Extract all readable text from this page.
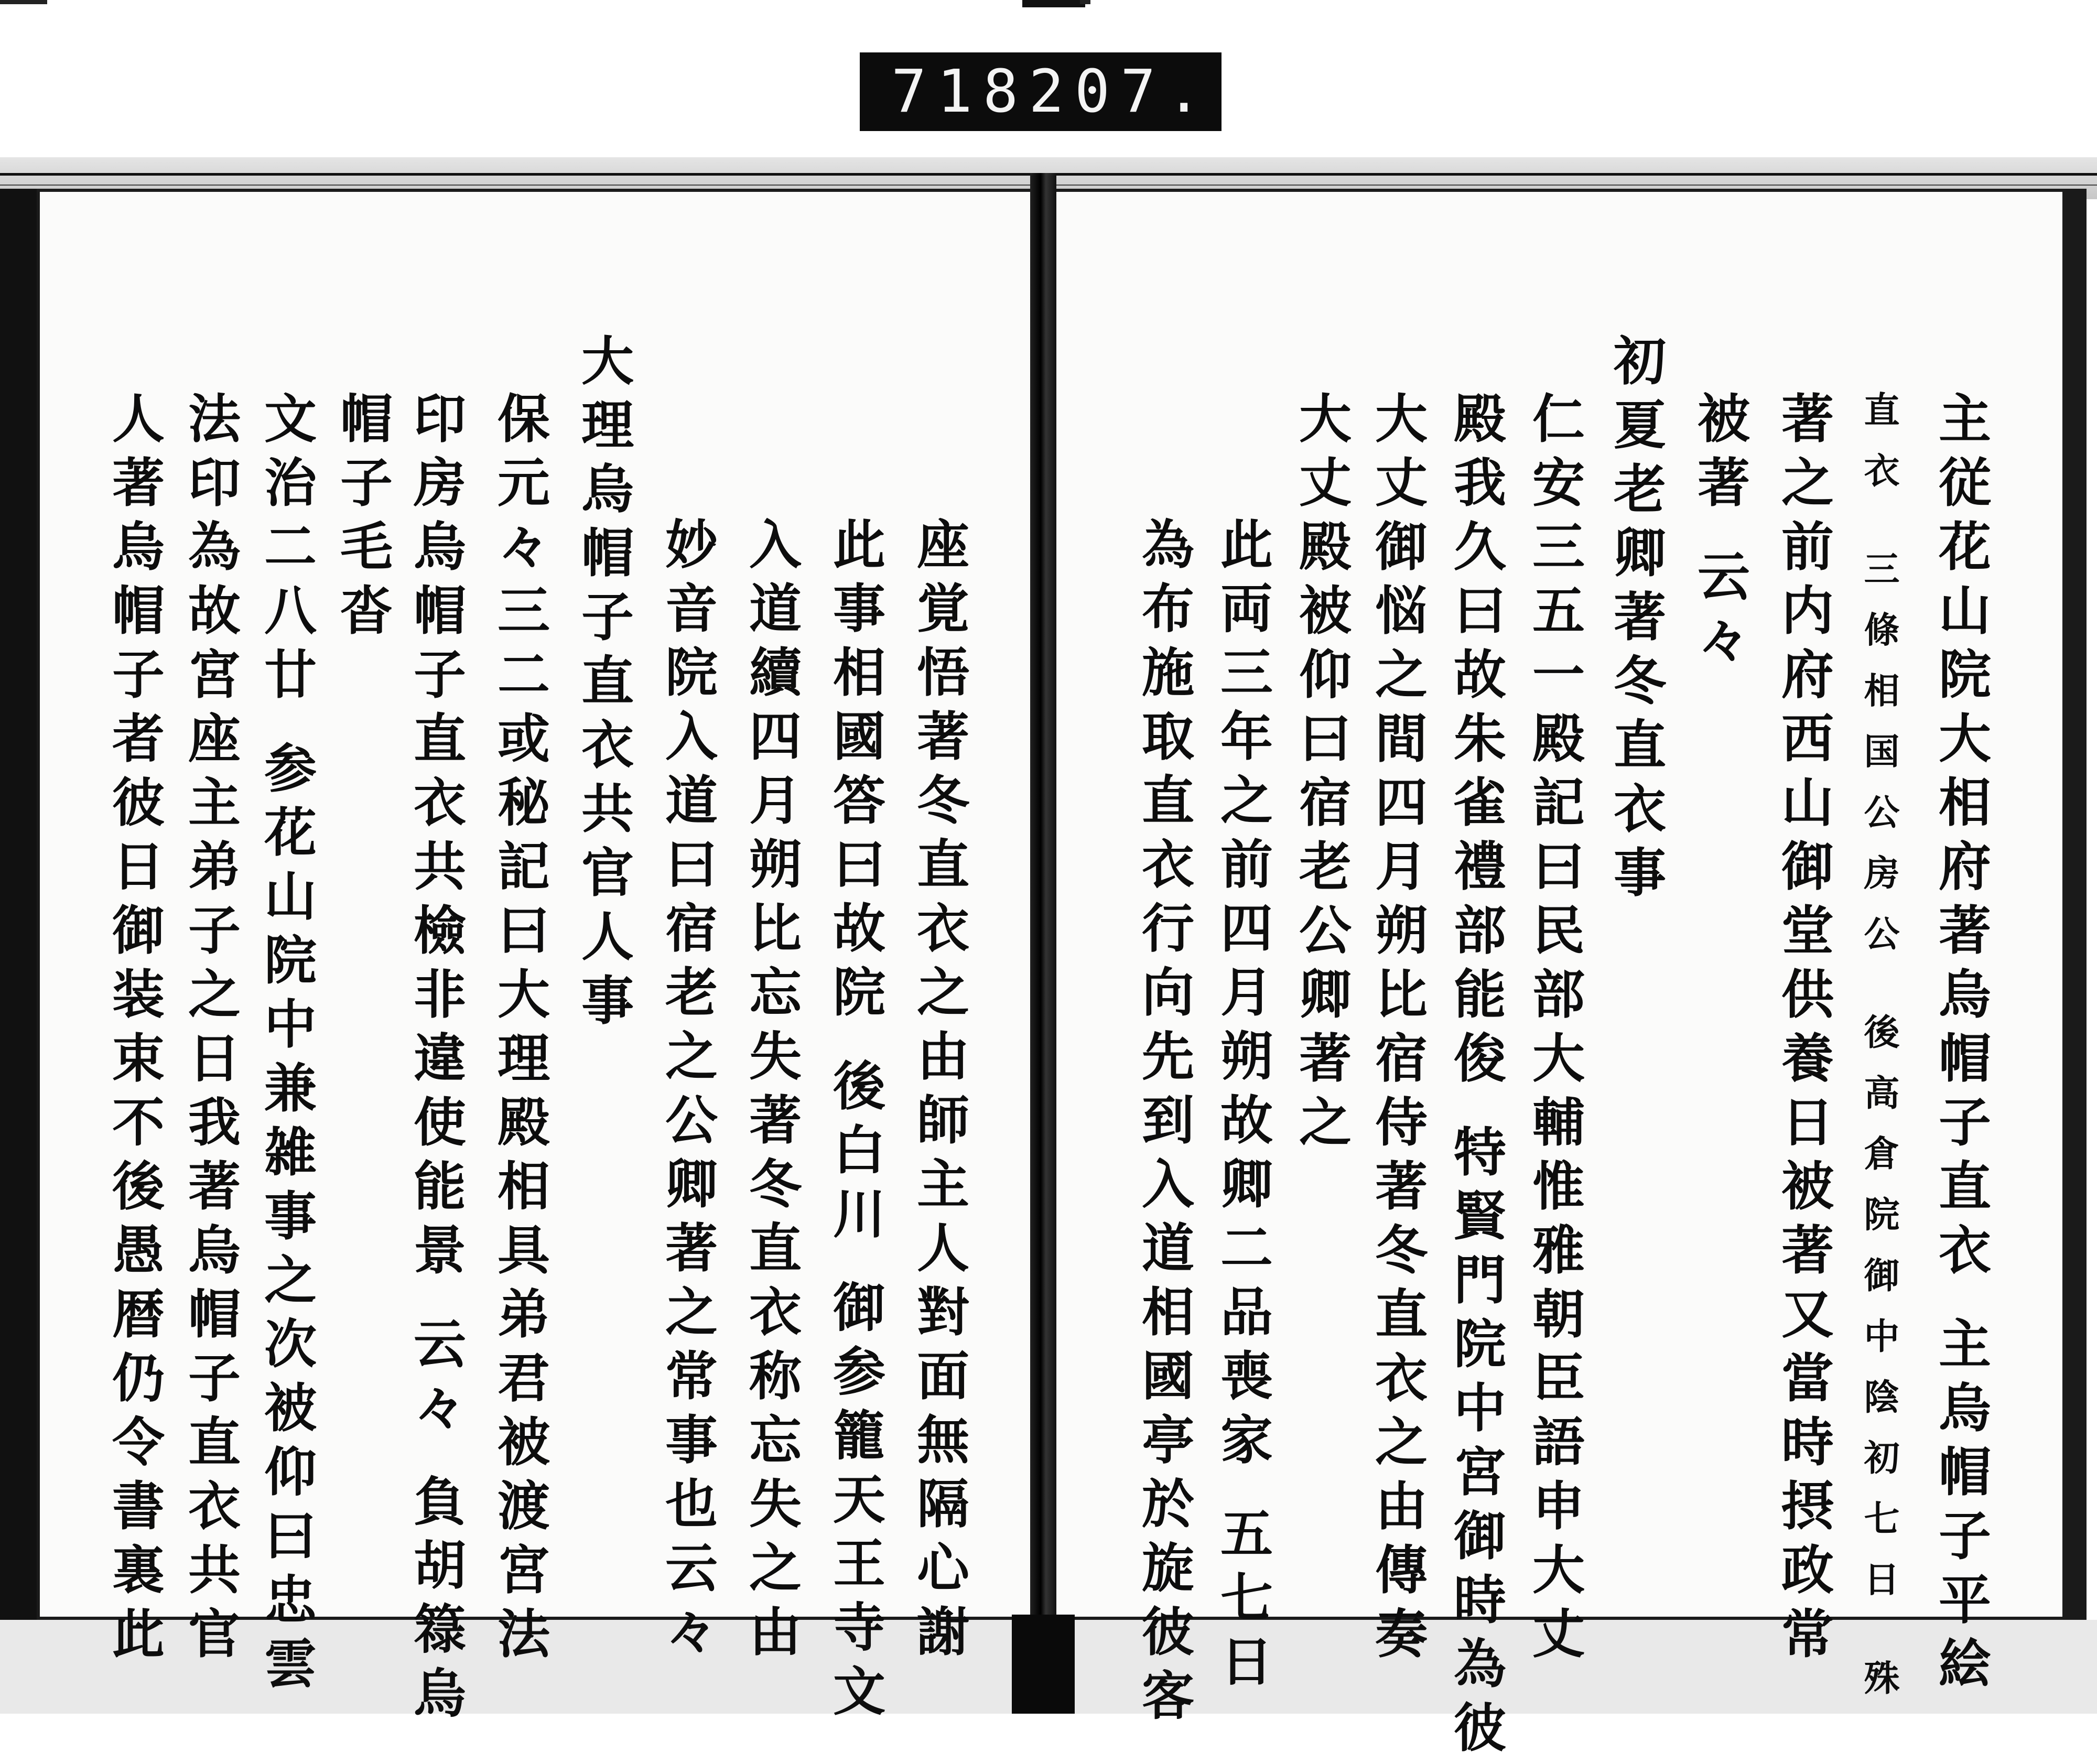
718 207.
座覚悟著冬直衣之由師主人對面無隔心謝
此事相國答曰故院 後白川 御参籠天王寺文
入道續四月朔比忘失著冬直衣称忘失之由
妙音院入道曰宿老之公卿著之常事也云々
大理烏帽子直衣共官人事
保元々三二或秘記曰大理殿相具弟君被渡宮法
印房烏帽子直衣共檢非違使能景 云々 負胡簶烏
帽子毛沓
文治二八廿 参花山院中兼雑事之次被仰曰忠雲
法印為故宮座主弟子之日我著烏帽子直衣共官
人著烏帽子者彼日御装束不後愚暦仍令書裏此	主従花山院大相府著烏帽子直衣 主烏帽子平絵
直衣 三條相国公房公 後高倉院御中陰初七日 殊
著之前内府西山御堂供養日被著又當時摂政常
被著 云々
初夏老卿著冬直衣事
仁安三五一殿記曰民部大輔惟雅朝臣語申大丈
殿我久曰故朱雀禮部能俊 特賢門院中宮御時為彼
大丈御悩之間四月朔比宿侍著冬直衣之由傳奏
大丈殿被仰曰宿老公卿著之
此両三年之前四月朔故卿二品喪家 五七日
為布施取直衣行向先到入道相國亭於旋彼客
